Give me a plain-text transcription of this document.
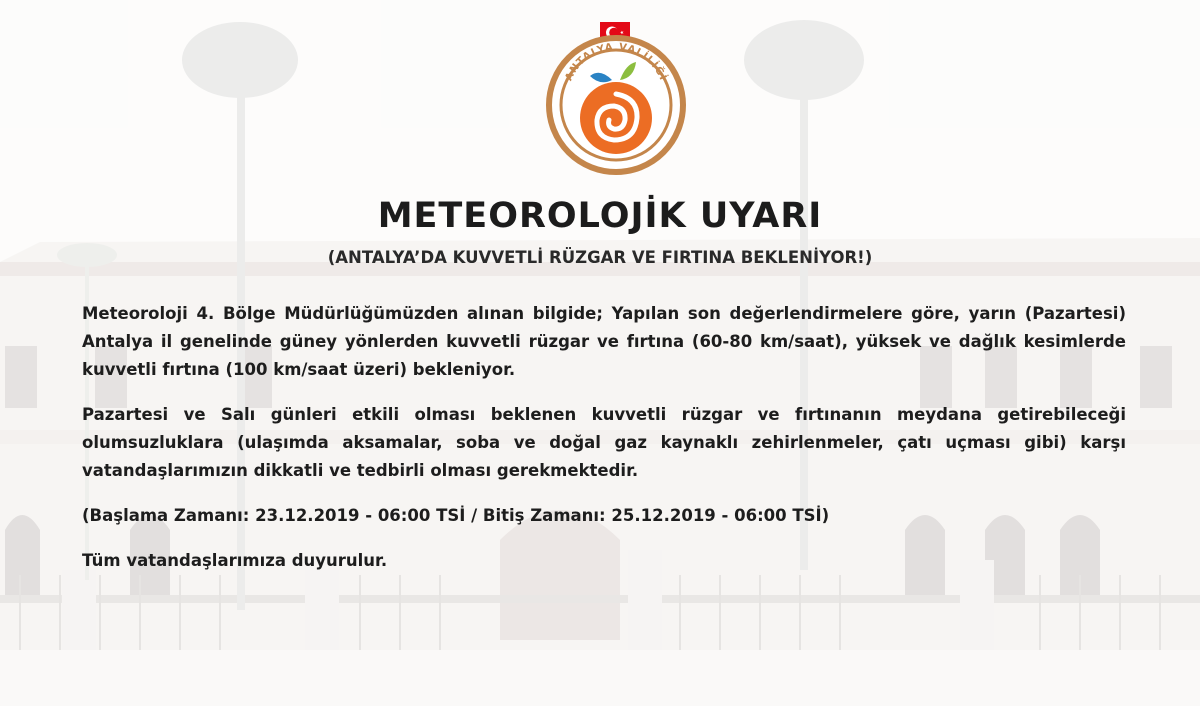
ANTALYA VALİLİĞİ
METEOROLOJİK UYARI
(ANTALYA’DA KUVVETLİ RÜZGAR VE FIRTINA BEKLENİYOR!)

Meteoroloji 4. Bölge Müdürlüğümüzden alınan bilgide; Yapılan son değerlendirmelere göre, yarın (Pazartesi) Antalya il genelinde güney yönlerden kuvvetli rüzgar ve fırtına (60-80 km/saat), yüksek ve dağlık kesimlerde kuvvetli fırtına (100 km/saat üzeri) bekleniyor.

Pazartesi ve Salı günleri etkili olması beklenen kuvvetli rüzgar ve fırtınanın meydana getirebileceği olumsuzluklara (ulaşımda aksamalar, soba ve doğal gaz kaynaklı zehirlenmeler, çatı uçması gibi) karşı vatandaşlarımızın dikkatli ve tedbirli olması gerekmektedir.

(Başlama Zamanı: 23.12.2019 - 06:00 TSİ / Bitiş Zamanı: 25.12.2019 - 06:00 TSİ)

Tüm vatandaşlarımıza duyurulur.
